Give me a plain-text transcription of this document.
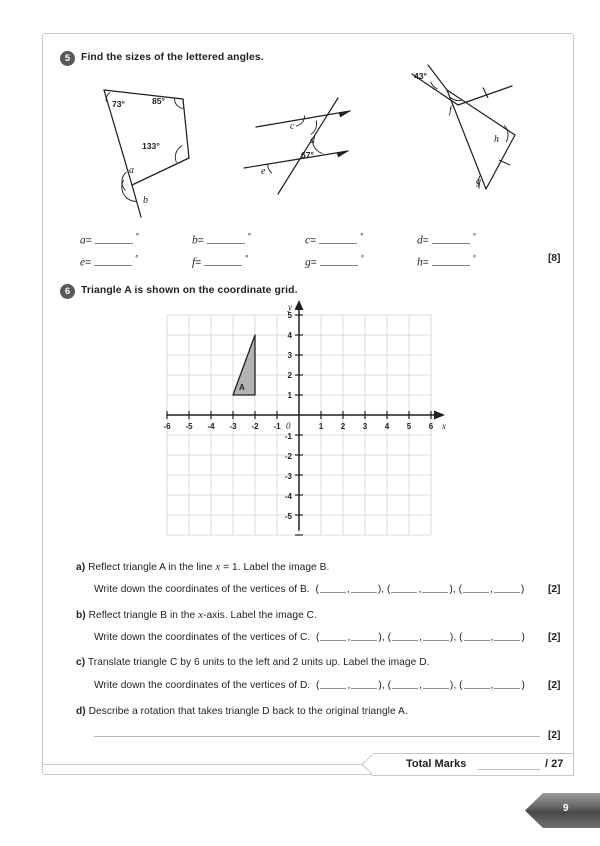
5	Find the sizes of the lettered angles.
73°	85°
133°
a
b
c
d
67°
e
43°
f
h
g
a=	°	b=	°	c=	°	d=	°
e=	°	f=	°	g=	°	h=	°	[8]
6	Triangle A is shown on the coordinate grid.
A
-6 -5 -4 -3 -2 -1	1 2 3 4 5 6
5
4
3
2
1
-1
-2
-3
-4
-5
0	x
y
a) Reflect triangle A in the line x = 1. Label the image B.
Write down the coordinates of the vertices of B.  (	,	), (	,	), (	,	) [2]
b) Reflect triangle B in the x-axis. Label the image C.
Write down the coordinates of the vertices of C.  (	,	), (	,	), (	,	) [2]
c) Translate triangle C by 6 units to the left and 2 units up. Label the image D.
Write down the coordinates of the vertices of D.  (	,	), (	,	), (	,	) [2]
d) Describe a rotation that takes triangle D back to the original triangle A.
[2]
Total Marks	/ 27
9
